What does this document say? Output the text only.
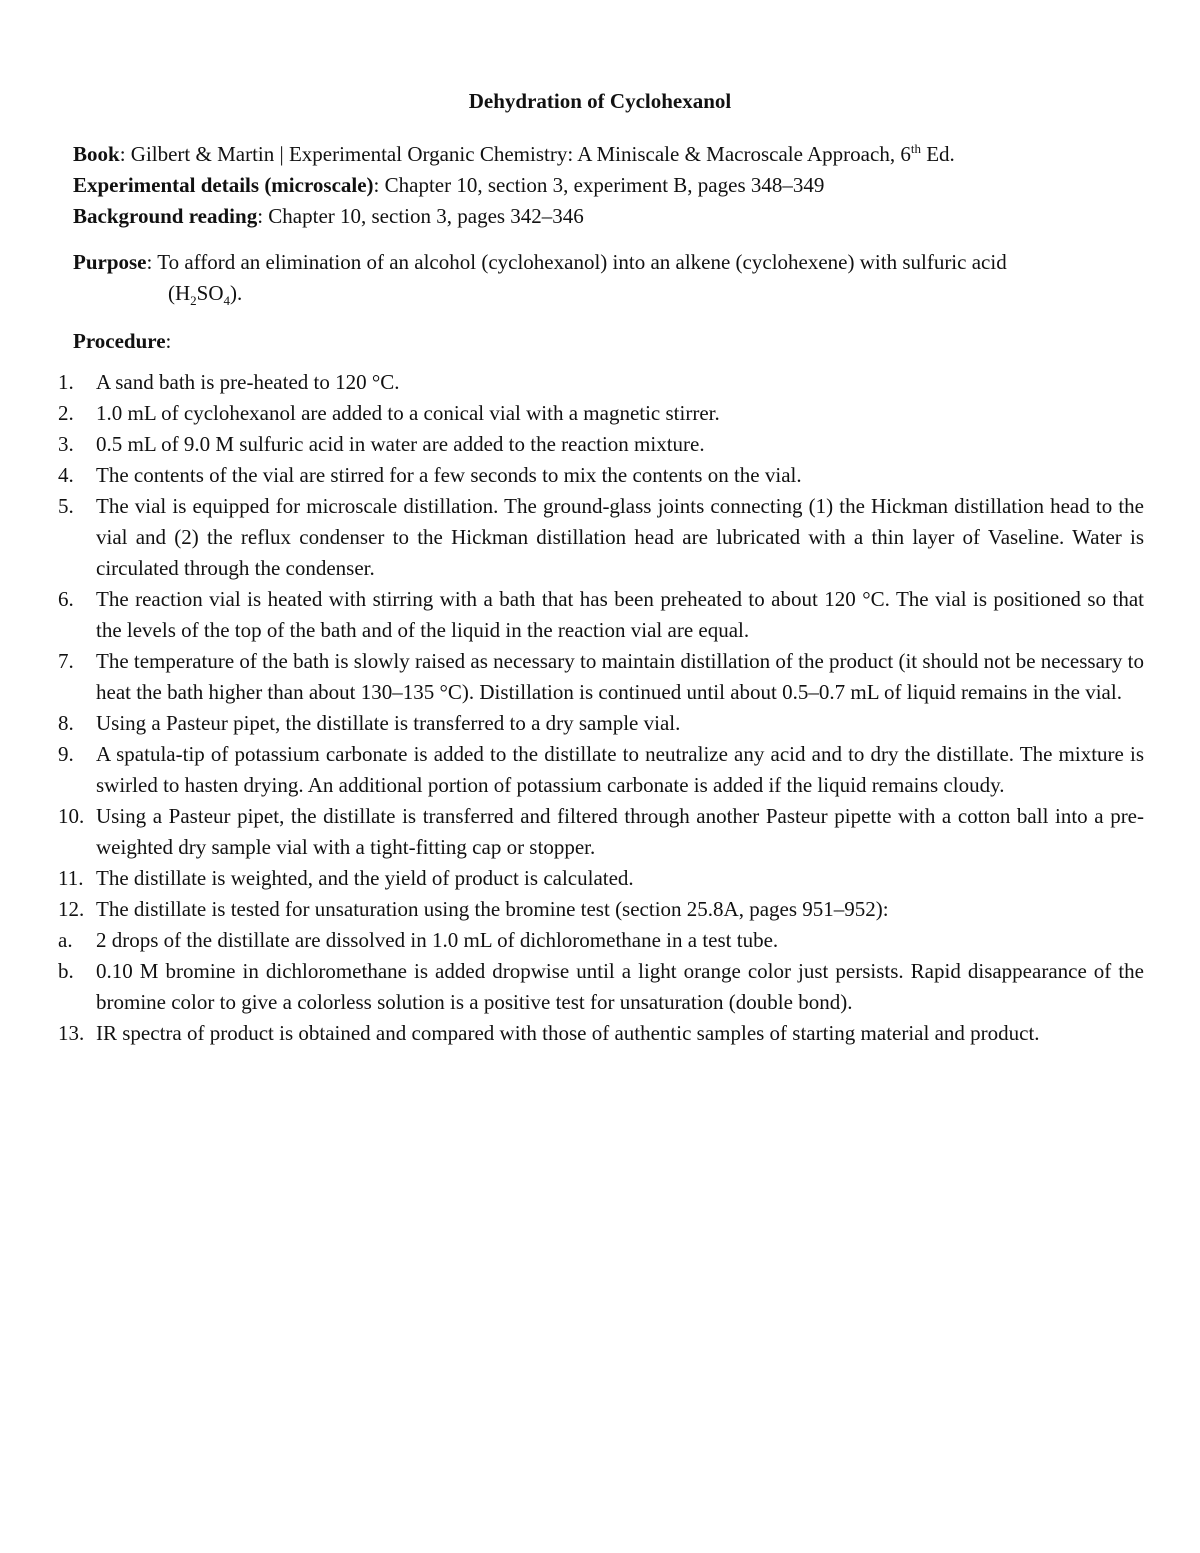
Dehydration of Cyclohexanol
Book: Gilbert & Martin | Experimental Organic Chemistry: A Miniscale & Macroscale Approach, 6th Ed.
Experimental details (microscale): Chapter 10, section 3, experiment B, pages 348–349
Background reading: Chapter 10, section 3, pages 342–346
Purpose: To afford an elimination of an alcohol (cyclohexanol) into an alkene (cyclohexene) with sulfuric acid
$(H_2SO_4)$.
Procedure:
1.	A sand bath is pre-heated to 120 °C.
2.	1.0 mL of cyclohexanol are added to a conical vial with a magnetic stirrer.
3.	0.5 mL of 9.0 M sulfuric acid in water are added to the reaction mixture.
4.	The contents of the vial are stirred for a few seconds to mix the contents on the vial.
5.	The vial is equipped for microscale distillation. The ground-glass joints connecting (1) the Hickman distillation head to the vial and (2) the reflux condenser to the Hickman distillation head are lubricated with a thin layer of Vaseline. Water is circulated through the condenser.
6.	The reaction vial is heated with stirring with a bath that has been preheated to about 120 °C. The vial is positioned so that the levels of the top of the bath and of the liquid in the reaction vial are equal.
7.	The temperature of the bath is slowly raised as necessary to maintain distillation of the product (it should not be necessary to heat the bath higher than about 130–135 °C). Distillation is continued until about 0.5–0.7 mL of liquid remains in the vial.
8.	Using a Pasteur pipet, the distillate is transferred to a dry sample vial.
9.	A spatula-tip of potassium carbonate is added to the distillate to neutralize any acid and to dry the distillate. The mixture is swirled to hasten drying. An additional portion of potassium carbonate is added if the liquid remains cloudy.
10. Using a Pasteur pipet, the distillate is transferred and filtered through another Pasteur pipette with a cotton ball into a pre-weighted dry sample vial with a tight-fitting cap or stopper.
11. The distillate is weighted, and the yield of product is calculated.
12. The distillate is tested for unsaturation using the bromine test (section 25.8A, pages 951–952):
a.	2 drops of the distillate are dissolved in 1.0 mL of dichloromethane in a test tube.
b.	0.10 M bromine in dichloromethane is added dropwise until a light orange color just persists. Rapid disappearance of the bromine color to give a colorless solution is a positive test for unsaturation (double bond).
13. IR spectra of product is obtained and compared with those of authentic samples of starting material and product.
